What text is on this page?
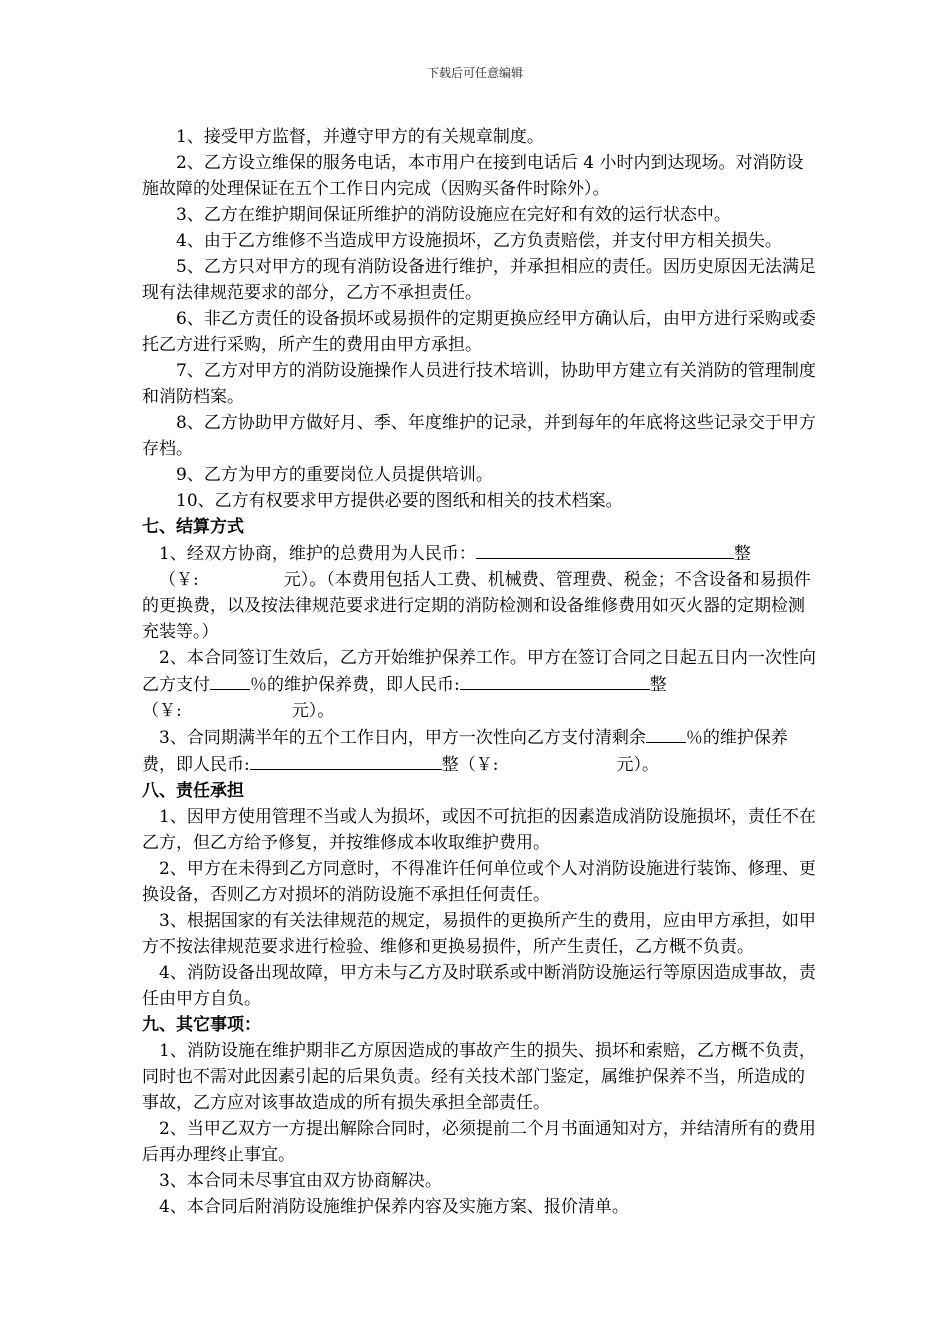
下载后可任意编辑

1、接受甲方监督，并遵守甲方的有关规章制度。

2、乙方设立维保的服务电话，本市用户在接到电话后 4 小时内到达现场。对消防设施故障的处理保证在五个工作日内完成（因购买备件时除外）。

3、乙方在维护期间保证所维护的消防设施应在完好和有效的运行状态中。

4、由于乙方维修不当造成甲方设施损坏，乙方负责赔偿，并支付甲方相关损失。

5、乙方只对甲方的现有消防设备进行维护，并承担相应的责任。因历史原因无法满足现有法律规范要求的部分，乙方不承担责任。

6、非乙方责任的设备损坏或易损件的定期更换应经甲方确认后，由甲方进行采购或委托乙方进行采购，所产生的费用由甲方承担。

7、乙方对甲方的消防设施操作人员进行技术培训，协助甲方建立有关消防的管理制度和消防档案。

8、乙方协助甲方做好月、季、年度维护的记录，并到每年的年底将这些记录交于甲方存档。

9、乙方为甲方的重要岗位人员提供培训。

10、乙方有权要求甲方提供必要的图纸和相关的技术档案。

七、结算方式

1、经双方协商，维护的总费用为人民币：	整
（￥:	元）。（本费用包括人工费、机械费、管理费、税金；不含设备和易损件的更换费，以及按法律规范要求进行定期的消防检测和设备维修费用如灭火器的定期检测充装等。）

2、本合同签订生效后，乙方开始维护保养工作。甲方在签订合同之日起五日内一次性向乙方支付 ％的维护保养费，即人民币:	整
（￥:	元）。

3、合同期满半年的五个工作日内，甲方一次性向乙方支付清剩余 ％的维护保养费，即人民币:	整（￥:	元）。

八、责任承担

1、因甲方使用管理不当或人为损坏，或因不可抗拒的因素造成消防设施损坏，责任不在乙方，但乙方给予修复，并按维修成本收取维护费用。

2、甲方在未得到乙方同意时，不得准许任何单位或个人对消防设施进行装饰、修理、更换设备，否则乙方对损坏的消防设施不承担任何责任。

3、根据国家的有关法律规范的规定，易损件的更换所产生的费用，应由甲方承担，如甲方不按法律规范要求进行检验、维修和更换易损件，所产生责任，乙方概不负责。

4、消防设备出现故障，甲方未与乙方及时联系或中断消防设施运行等原因造成事故，责任由甲方自负。

九、其它事项：

1、消防设施在维护期非乙方原因造成的事故产生的损失、损坏和索赔，乙方概不负责，同时也不需对此因素引起的后果负责。经有关技术部门鉴定，属维护保养不当，所造成的事故，乙方应对该事故造成的所有损失承担全部责任。

2、当甲乙双方一方提出解除合同时，必须提前二个月书面通知对方，并结清所有的费用后再办理终止事宜。

3、本合同未尽事宜由双方协商解决。

4、本合同后附消防设施维护保养内容及实施方案、报价清单。
